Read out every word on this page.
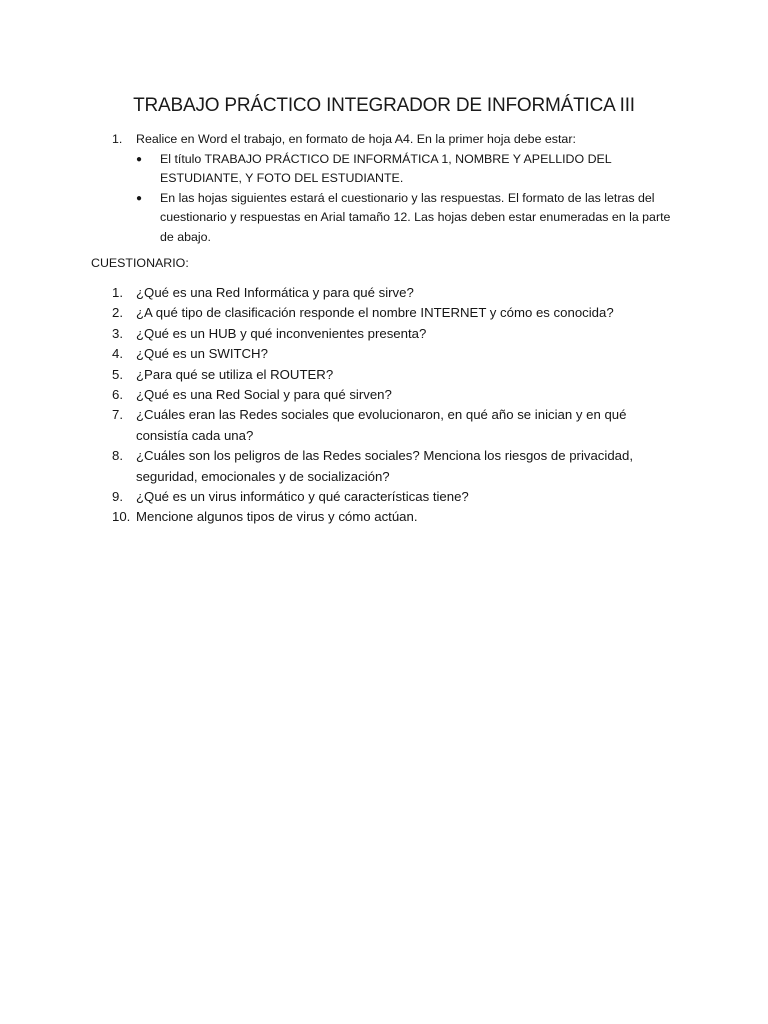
TRABAJO PRÁCTICO INTEGRADOR DE INFORMÁTICA III
1.	Realice en Word el trabajo, en formato de hoja A4. En la primer hoja debe estar:
●	El título TRABAJO PRÁCTICO DE INFORMÁTICA 1, NOMBRE Y APELLIDO DEL ESTUDIANTE, Y FOTO DEL ESTUDIANTE.
●	En las hojas siguientes estará el cuestionario y las respuestas. El formato de las letras del cuestionario y respuestas en Arial tamaño 12. Las hojas deben estar enumeradas en la parte de abajo.
CUESTIONARIO:
1. ¿Qué es una Red Informática y para qué sirve?
2. ¿A qué tipo de clasificación responde el nombre INTERNET y cómo es conocida?
3. ¿Qué es un HUB y qué inconvenientes presenta?
4. ¿Qué es un SWITCH?
5. ¿Para qué se utiliza el ROUTER?
6. ¿Qué es una Red Social y para qué sirven?
7. ¿Cuáles eran las Redes sociales que evolucionaron, en qué año se inician y en qué consistía cada una?
8. ¿Cuáles son los peligros de las Redes sociales? Menciona los riesgos de privacidad, seguridad, emocionales y de socialización?
9. ¿Qué es un virus informático y qué características tiene?
10. Mencione algunos tipos de virus y cómo actúan.
